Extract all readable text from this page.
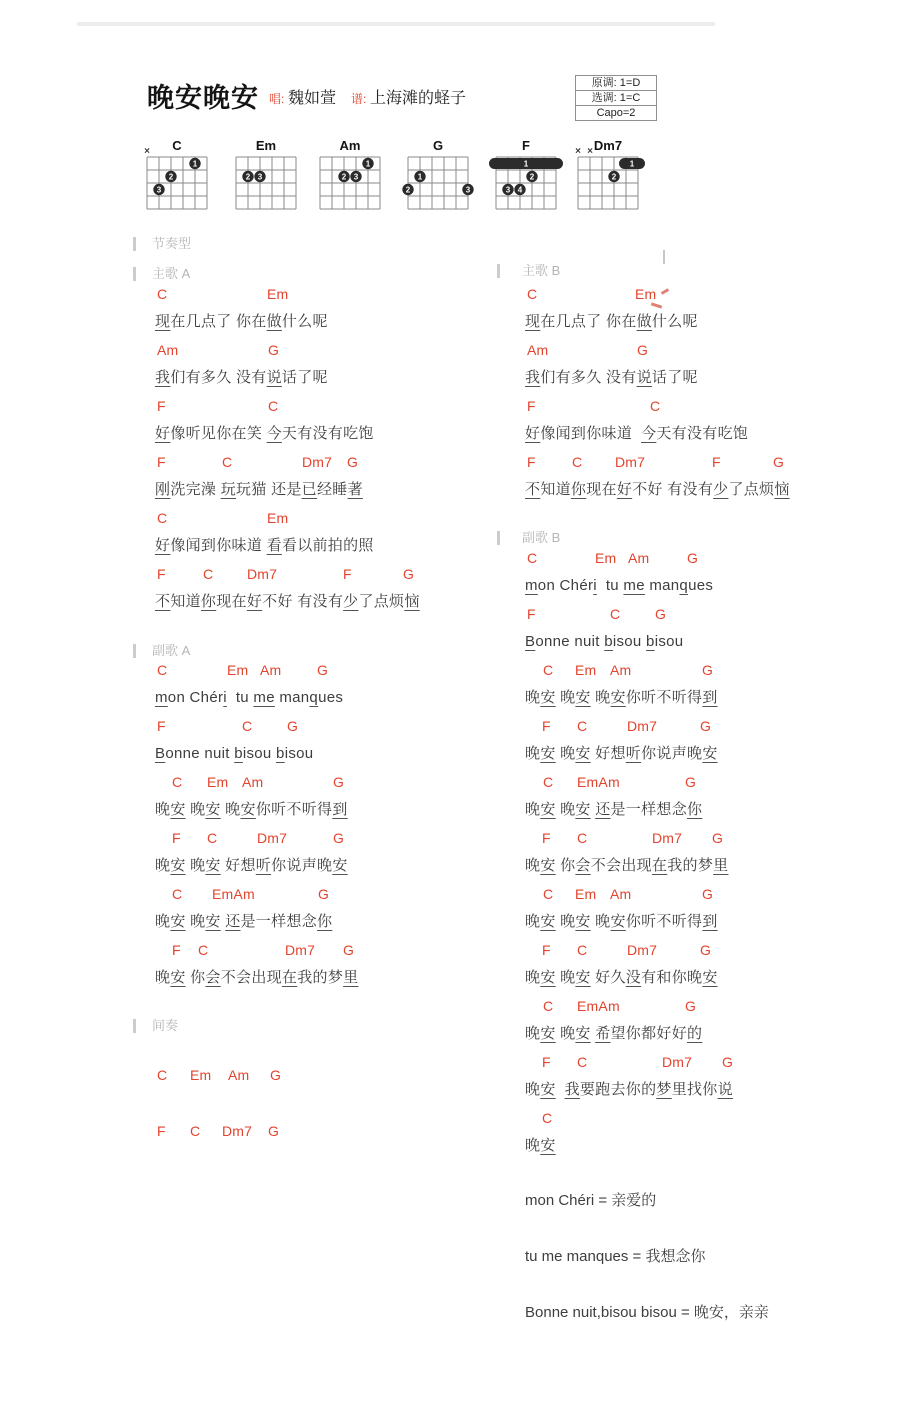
晚安晚安 唱: 魏如萱 谱: 上海滩的蛏子
原调: 1=D
选调: 1=C
Capo=2
C
×
1
2
3
Em
2 3
Am
1
2 3
G
1
2	3
F
1
2
3 4
Dm7
× ×
1
2
节奏型
主歌 A
C	Em
现在几点了 你在做什么呢
Am	G
我们有多久 没有说话了呢
F	C
好像听见你在笑 今天有没有吃饱
F	C	Dm7 G
刚洗完澡 玩玩猫 还是已经睡著
C	Em
好像闻到你味道 看看以前拍的照
F	C Dm7	F	G
不知道你现在好不好 有没有少了点烦恼
副歌 A
C	Em Am	G
mon Chéri  tu me manques
F	C G
Bonne nuit bisou bisou
C Em Am	G
晚安 晚安 晚安你听不听得到
F C	Dm7	G
晚安 晚安 好想听你说声晚安
C EmAm	G
晚安 晚安 还是一样想念你
F C	Dm7 G
晚安 你会不会出现在我的梦里
间奏
C Em Am G
F C Dm7 G
主歌 B
C	Em
现在几点了 你在做什么呢
Am	G
我们有多久 没有说话了呢
F	C
好像闻到你味道  今天有没有吃饱
F	C Dm7	F	G
不知道你现在好不好 有没有少了点烦恼
副歌 B
C	Em Am	G
mon Chéri  tu me manques
F	C G
Bonne nuit bisou bisou
C Em Am	G
晚安 晚安 晚安你听不听得到
F C	Dm7	G
晚安 晚安 好想听你说声晚安
C EmAm	G
晚安 晚安 还是一样想念你
F C	Dm7 G
晚安 你会不会出现在我的梦里
C Em Am	G
晚安 晚安 晚安你听不听得到
F C	Dm7	G
晚安 晚安 好久没有和你晚安
C EmAm	G
晚安 晚安 希望你都好好的
F C	Dm7 G
晚安 我要跑去你的梦里找你说
C
晚安
mon Chéri = 亲爱的
tu me manques = 我想念你
Bonne nuit,bisou bisou = 晚安，亲亲
